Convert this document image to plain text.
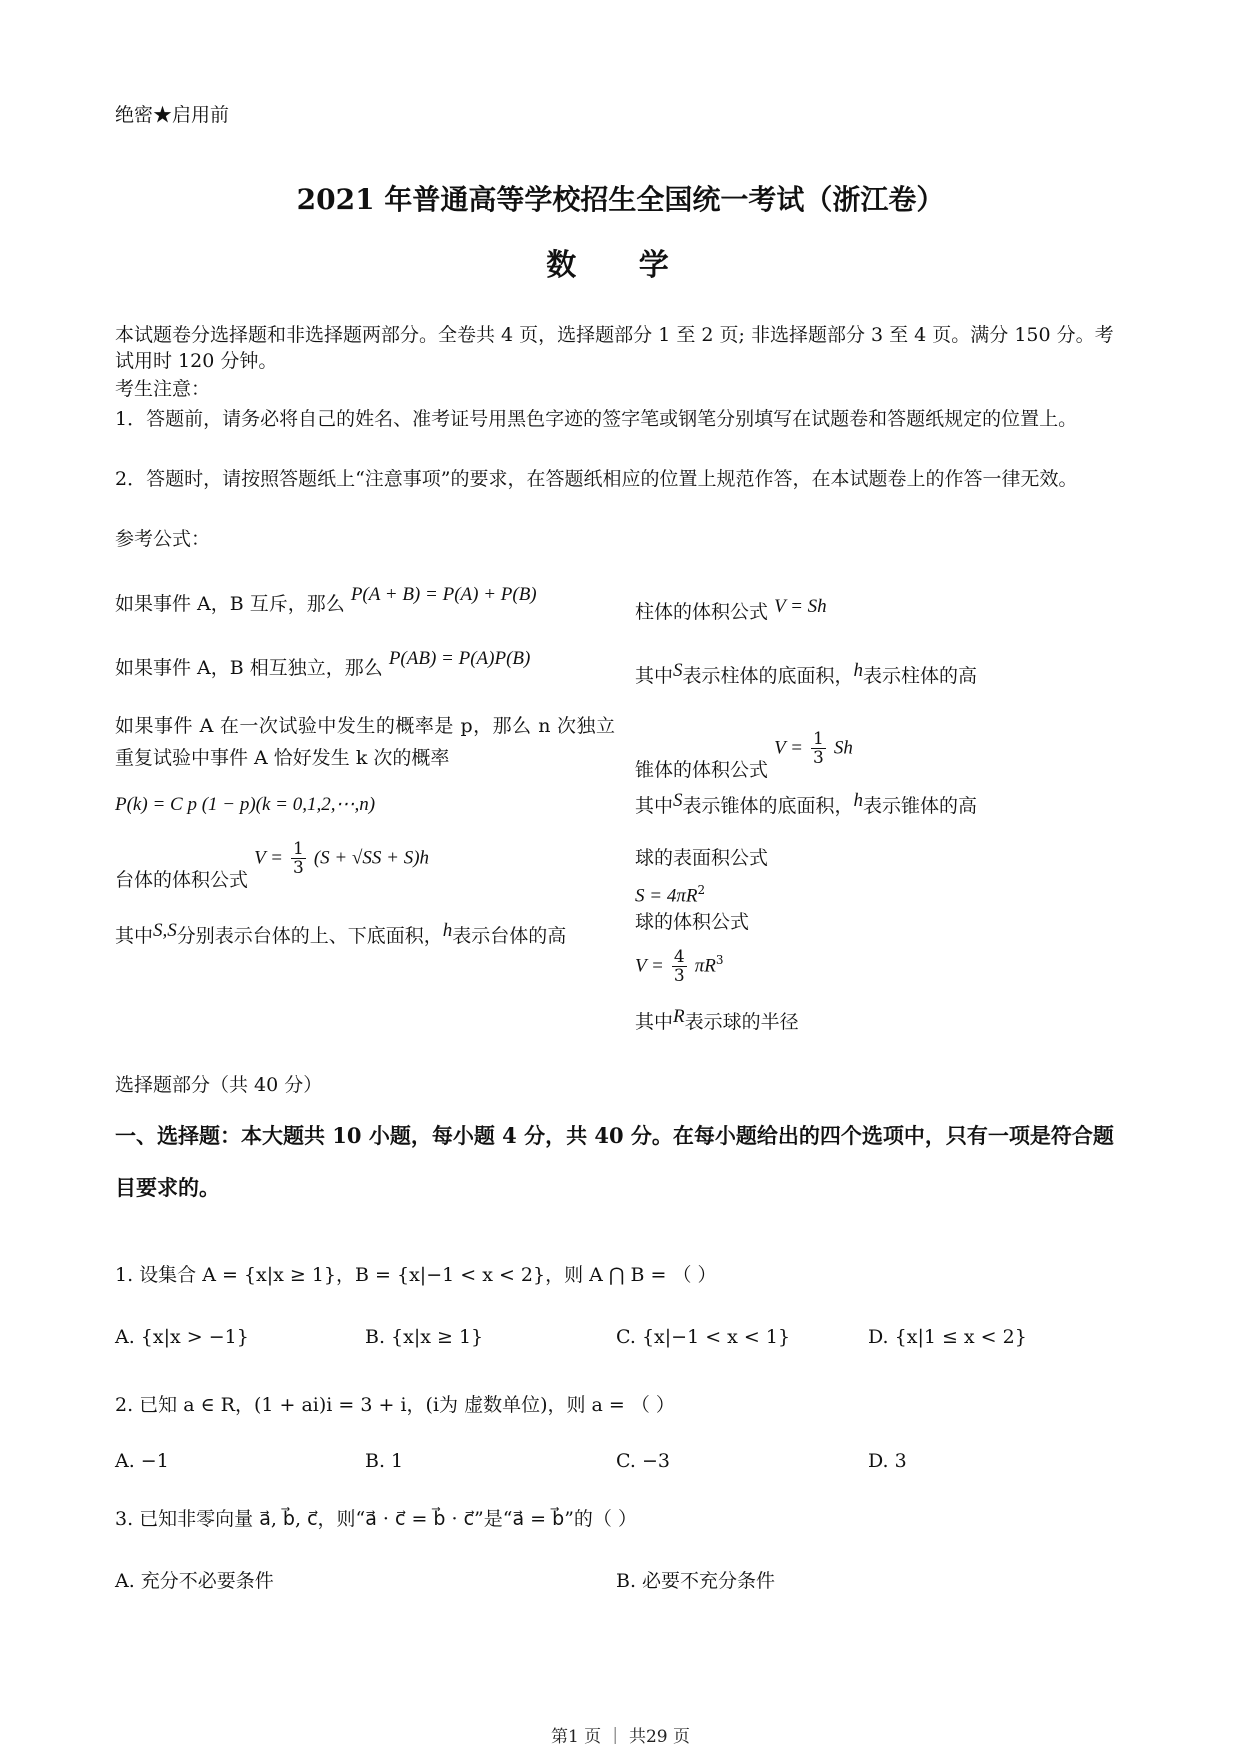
绝密★启用前
2021 年普通高等学校招生全国统一考试（浙江卷）
数 学
本试题卷分选择题和非选择题两部分。全卷共 4 页，选择题部分 1 至 2 页; 非选择题部分 3 至 4 页。满分 150 分。考试用时 120 分钟。
考生注意：
1．答题前，请务必将自己的姓名、准考证号用黑色字迹的签字笔或钢笔分别填写在试题卷和答题纸规定的位置上。
2．答题时，请按照答题纸上“注意事项”的要求，在答题纸相应的位置上规范作答，在本试题卷上的作答一律无效。
参考公式：
如果事件 A，B 互斥，那么 P(A + B) = P(A) + P(B)
如果事件 A，B 相互独立，那么 P(AB) = P(A)P(B)
如果事件 A 在一次试验中发生的概率是 p，那么 n 次独立重复试验中事件 A 恰好发生 k 次的概率
P(k) = C p (1 − p)(k = 0,1,2,⋯,n)
台体的体积公式 $V = \frac{1}{3} (S + √SS + S)h$
其中S,S分别表示台体的上、下底面积，h表示台体的高
柱体的体积公式 V = Sh
其中S表示柱体的底面积，h表示柱体的高
锥体的体积公式 $V = \frac{1}{3}$ Sh
其中S表示锥体的底面积，h表示锥体的高
球的表面积公式
$S = 4\pi R^2$
球的体积公式
$V = \frac{4}{3} \pi R^3$
其中R表示球的半径
选择题部分（共 40 分）
一、选择题：本大题共 10 小题，每小题 4 分，共 40 分。在每小题给出的四个选项中，只有一项是符合题目要求的。
1. 设集合 A = {x|x ≥ 1}，B = {x|−1 < x < 2}，则 A ⋂ B = （ ）
A. {x|x > −1}	B. {x|x ≥ 1}	C. {x|−1 < x < 1}	D. {x|1 ≤ x < 2}
2. 已知 a ∈ R，(1 + ai)i = 3 + i，(i为 虚数单位)，则 a = （ ）
A. −1	B. 1	C. −3	D. 3
3. 已知非零向量 a⃗, b⃗, c⃗，则“a⃗ · c⃗ = b⃗ · c⃗”是“a⃗ = b⃗”的（ ）
A. 充分不必要条件	B. 必要不充分条件
第1 页 ｜ 共29 页
